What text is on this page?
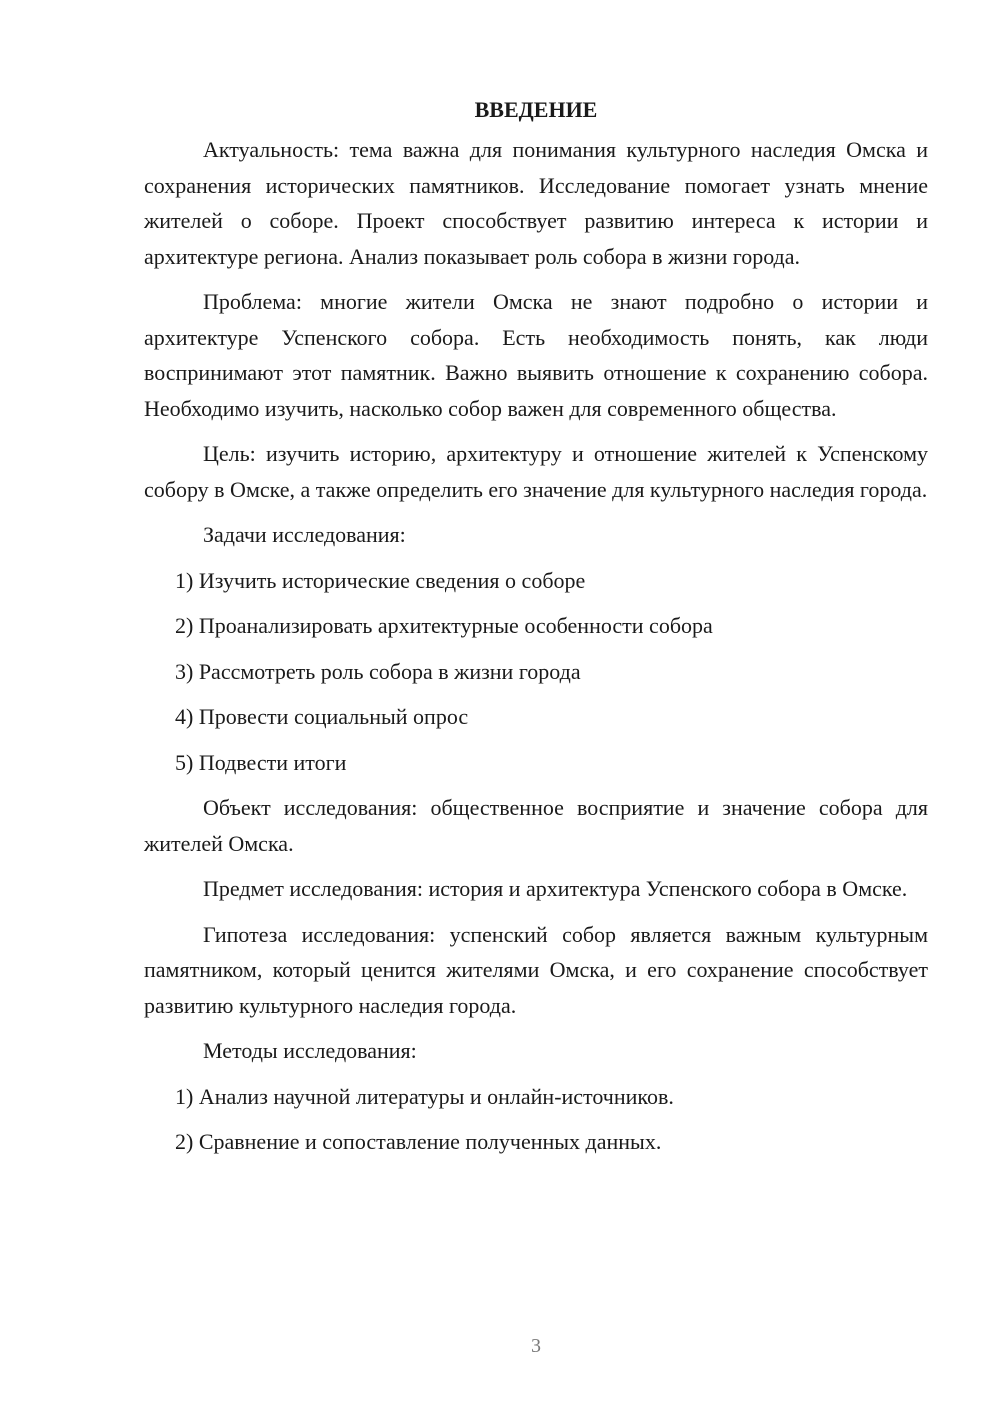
ВВЕДЕНИЕ

Актуальность: тема важна для понимания культурного наследия Омска и сохранения исторических памятников. Исследование помогает узнать мнение жителей о соборе. Проект способствует развитию интереса к истории и архитектуре региона. Анализ показывает роль собора в жизни города.

Проблема: многие жители Омска не знают подробно о истории и архитектуре Успенского собора. Есть необходимость понять, как люди воспринимают этот памятник. Важно выявить отношение к сохранению собора. Необходимо изучить, насколько собор важен для современного общества.

Цель: изучить историю, архитектуру и отношение жителей к Успенскому собору в Омске, а также определить его значение для культурного наследия города.

Задачи исследования:

1) Изучить исторические сведения о соборе
2) Проанализировать архитектурные особенности собора
3) Рассмотреть роль собора в жизни города
4) Провести социальный опрос
5) Подвести итоги

Объект исследования: общественное восприятие и значение собора для жителей Омска.

Предмет исследования: история и архитектура Успенского собора в Омске.

Гипотеза исследования: успенский собор является важным культурным памятником, который ценится жителями Омска, и его сохранение способствует развитию культурного наследия города.

Методы исследования:

1) Анализ научной литературы и онлайн-источников.
2) Сравнение и сопоставление полученных данных.
3
